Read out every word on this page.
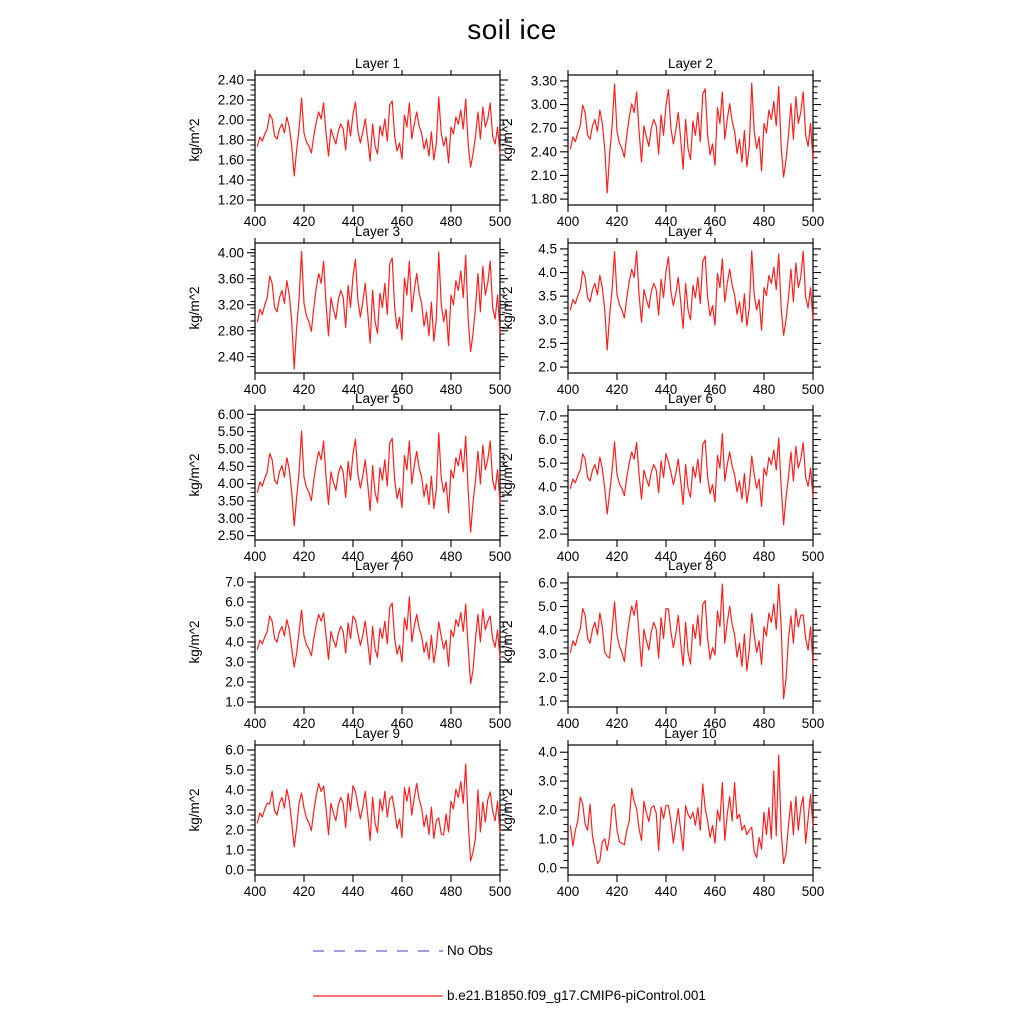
soil ice
Layer 1
kg/m^2
400 420 440 460 480 500
1.20
1.40
1.60
1.80
2.00
2.20
2.40
Layer 2
kg/m^2
400 420 440 460 480 500
1.80
2.10
2.40
2.70
3.00
3.30
Layer 3
kg/m^2
400 420 440 460 480 500
2.40
2.80
3.20
3.60
4.00
Layer 4
kg/m^2
400 420 440 460 480 500
2.0
2.5
3.0
3.5
4.0
4.5
Layer 5
kg/m^2
400 420 440 460 480 500
2.50
3.00
3.50
4.00
4.50
5.00
5.50
6.00
Layer 6
kg/m^2
400 420 440 460 480 500
2.0
3.0
4.0
5.0
6.0
7.0
Layer 7
kg/m^2
400 420 440 460 480 500
1.0
2.0
3.0
4.0
5.0
6.0
7.0
Layer 8
kg/m^2
400 420 440 460 480 500
1.0
2.0
3.0
4.0
5.0
6.0
Layer 9
kg/m^2
400 420 440 460 480 500
0.0
1.0
2.0
3.0
4.0
5.0
6.0
Layer 10
kg/m^2
400 420 440 460 480 500
0.0
1.0
2.0
3.0
4.0
No Obs
b.e21.B1850.f09_g17.CMIP6-piControl.001
